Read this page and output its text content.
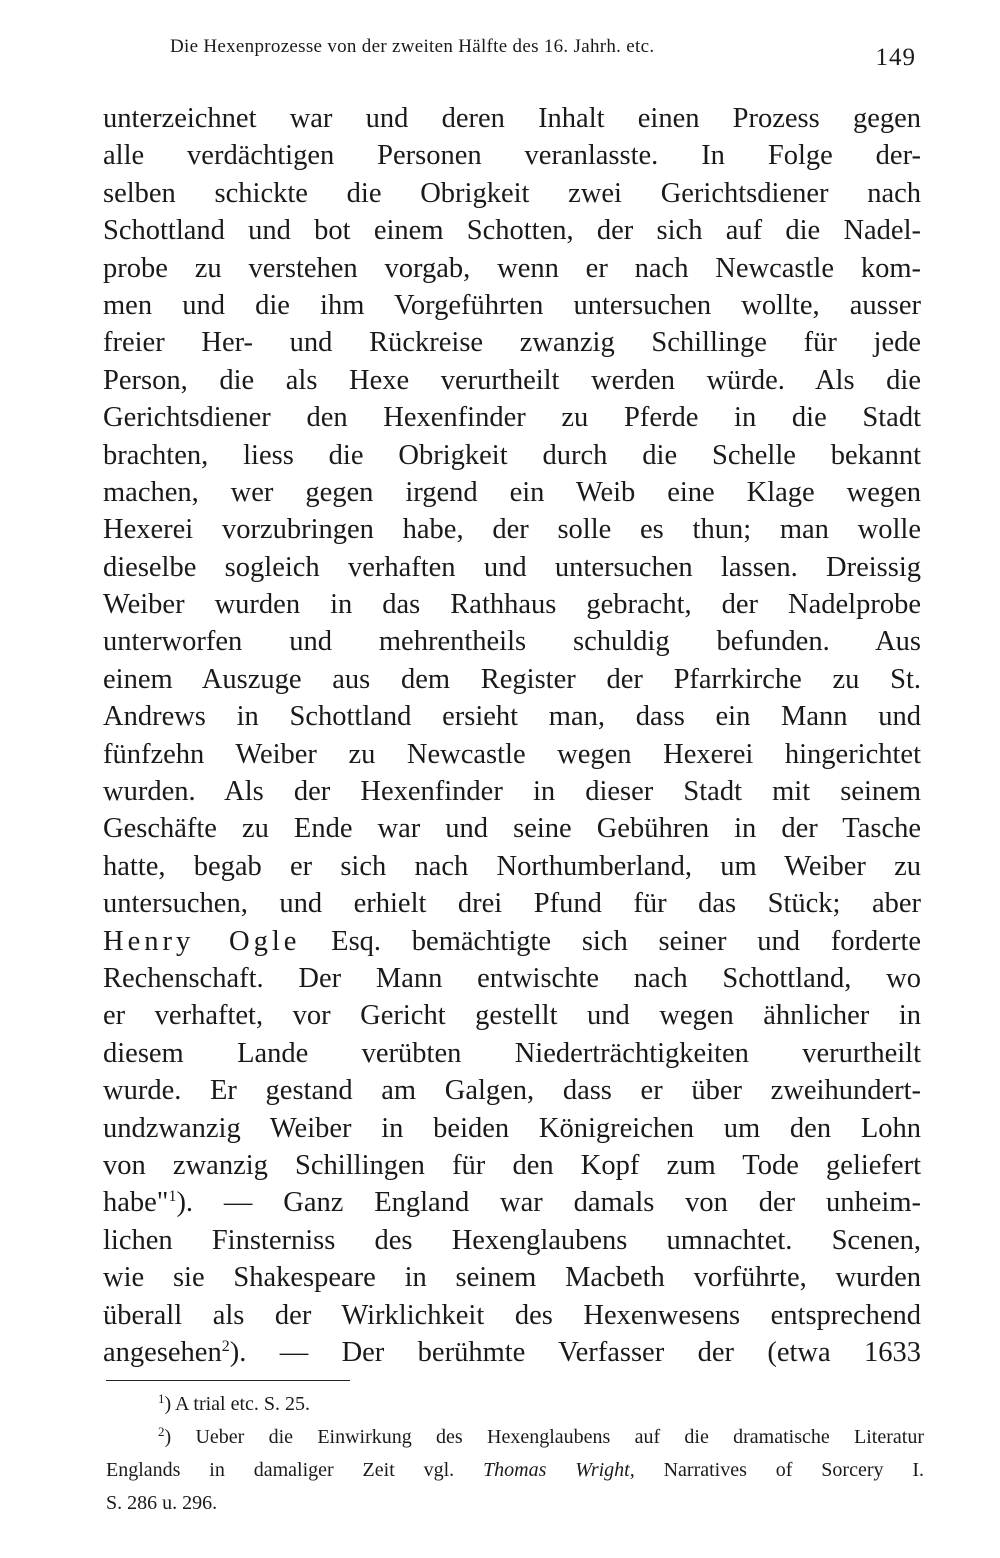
Die Hexenprozesse von der zweiten Hälfte des 16. Jahrh. etc.	149
unterzeichnet war und deren Inhalt einen Prozess gegen
alle verdächtigen Personen veranlasste. In Folge der-
selben schickte die Obrigkeit zwei Gerichtsdiener nach
Schottland und bot einem Schotten, der sich auf die Nadel-
probe zu verstehen vorgab, wenn er nach Newcastle kom-
men und die ihm Vorgeführten untersuchen wollte, ausser
freier Her- und Rückreise zwanzig Schillinge für jede
Person, die als Hexe verurtheilt werden würde. Als die
Gerichtsdiener den Hexenfinder zu Pferde in die Stadt
brachten, liess die Obrigkeit durch die Schelle bekannt
machen, wer gegen irgend ein Weib eine Klage wegen
Hexerei vorzubringen habe, der solle es thun; man wolle
dieselbe sogleich verhaften und untersuchen lassen. Dreissig
Weiber wurden in das Rathhaus gebracht, der Nadelprobe
unterworfen und mehrentheils schuldig befunden. Aus
einem Auszuge aus dem Register der Pfarrkirche zu St.
Andrews in Schottland ersieht man, dass ein Mann und
fünfzehn Weiber zu Newcastle wegen Hexerei hingerichtet
wurden. Als der Hexenfinder in dieser Stadt mit seinem
Geschäfte zu Ende war und seine Gebühren in der Tasche
hatte, begab er sich nach Northumberland, um Weiber zu
untersuchen, und erhielt drei Pfund für das Stück; aber
Henry Ogle Esq. bemächtigte sich seiner und forderte
Rechenschaft. Der Mann entwischte nach Schottland, wo
er verhaftet, vor Gericht gestellt und wegen ähnlicher in
diesem Lande verübten Niederträchtigkeiten verurtheilt
wurde. Er gestand am Galgen, dass er über zweihundert-
undzwanzig Weiber in beiden Königreichen um den Lohn
von zwanzig Schillingen für den Kopf zum Tode geliefert
habe"$^1$). — Ganz England war damals von der unheim-
lichen Finsterniss des Hexenglaubens umnachtet. Scenen,
wie sie Shakespeare in seinem Macbeth vorführte, wurden
überall als der Wirklichkeit des Hexenwesens entsprechend
angesehen$^2$). — Der berühmte Verfasser der (etwa 1633
$^1$) A trial etc. S. 25.
$^2$) Ueber die Einwirkung des Hexenglaubens auf die dramatische Literatur
Englands in damaliger Zeit vgl. Thomas Wright, Narratives of Sorcery I.
S. 286 u. 296.
